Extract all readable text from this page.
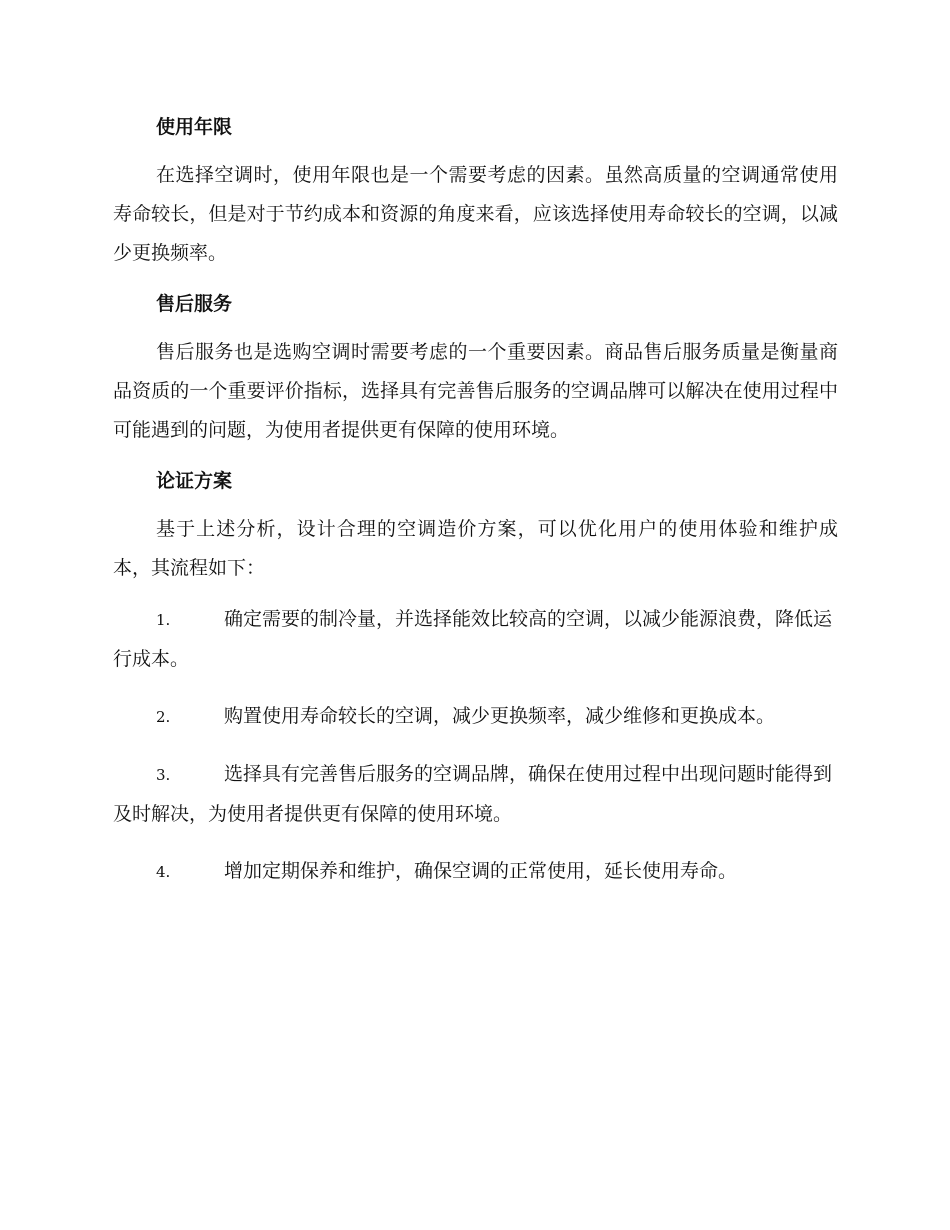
使用年限

在选择空调时，使用年限也是一个需要考虑的因素。虽然高质量的空调通常使用寿命较长，但是对于节约成本和资源的角度来看，应该选择使用寿命较长的空调，以减少更换频率。

售后服务

售后服务也是选购空调时需要考虑的一个重要因素。商品售后服务质量是衡量商品资质的一个重要评价指标，选择具有完善售后服务的空调品牌可以解决在使用过程中可能遇到的问题，为使用者提供更有保障的使用环境。

论证方案

基于上述分析，设计合理的空调造价方案，可以优化用户的使用体验和维护成本，其流程如下：

1.	确定需要的制冷量，并选择能效比较高的空调，以减少能源浪费，降低运行成本。

2.	购置使用寿命较长的空调，减少更换频率，减少维修和更换成本。

3.	选择具有完善售后服务的空调品牌，确保在使用过程中出现问题时能得到及时解决，为使用者提供更有保障的使用环境。

4.	增加定期保养和维护，确保空调的正常使用，延长使用寿命。
